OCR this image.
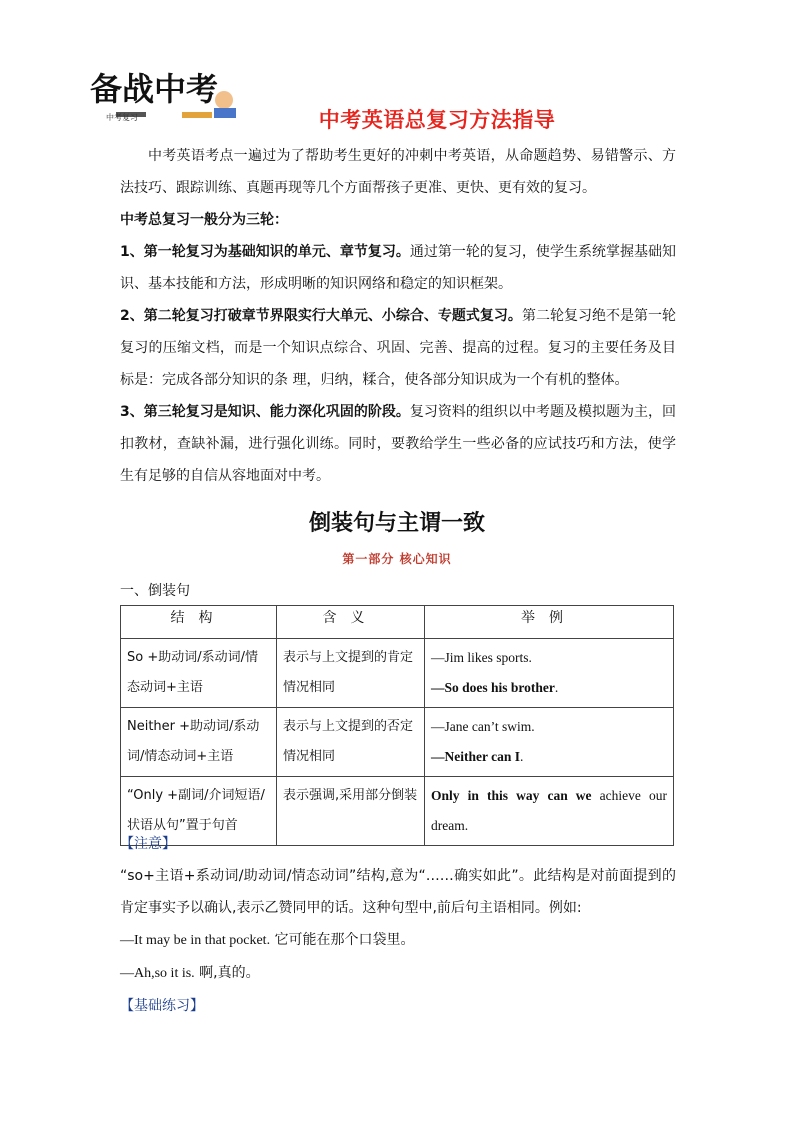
备战中考
中考复习	中考英语总复习方法指导

中考英语考点一遍过为了帮助考生更好的冲刺中考英语，从命题趋势、易错警示、方法技巧、跟踪训练、真题再现等几个方面帮孩子更准、更快、更有效的复习。

中考总复习一般分为三轮：

1、第一轮复习为基础知识的单元、章节复习。通过第一轮的复习，使学生系统掌握基础知识、基本技能和方法，形成明晰的知识网络和稳定的知识框架。

2、第二轮复习打破章节界限实行大单元、小综合、专题式复习。第二轮复习绝不是第一轮复习的压缩文档，而是一个知识点综合、巩固、完善、提高的过程。复习的主要任务及目标是：完成各部分知识的条 理，归纳，糅合，使各部分知识成为一个有机的整体。

3、第三轮复习是知识、能力深化巩固的阶段。复习资料的组织以中考题及模拟题为主，回扣教材，查缺补漏，进行强化训练。同时，要教给学生一些必备的应试技巧和方法，使学生有足够的自信从容地面对中考。

倒装句与主谓一致
第一部分 核心知识
一、倒装句
结构	含义	举例
So +助动词/系动词/情态动词+主语	表示与上文提到的肯定情况相同	—Jim likes sports.
—So does his brother.

Neither +助动词/系动词/情态动词+主语	表示与上文提到的否定情况相同	—Jane can’t swim.
—Neither can I.

“Only +副词/介词短语/状语从句”置于句首	表示强调,采用部分倒装	Only in this way can we achieve our dream.

【注意】

“so+主语+系动词/助动词/情态动词”结构,意为“……确实如此”。此结构是对前面提到的肯定事实予以确认,表示乙赞同甲的话。这种句型中,前后句主语相同。例如:

—It may be in that pocket. 它可能在那个口袋里。

—Ah,so it is. 啊,真的。

【基础练习】
